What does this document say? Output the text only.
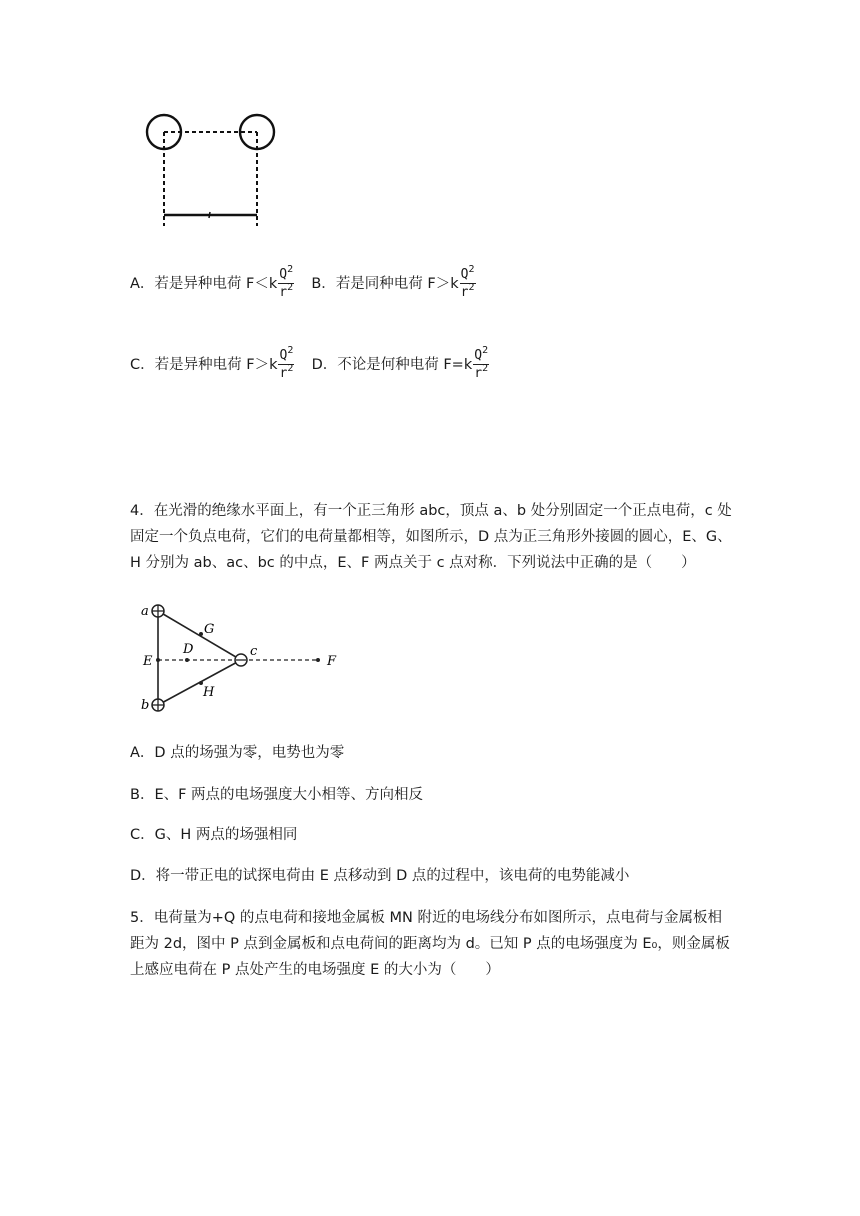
A．若是异种电荷 $F<k \frac{Q^2}{r^2}$ B．若是同种电荷 $F>k \frac{Q^2}{r^2}$
C．若是异种电荷 $F>k \frac{Q^2}{r^2}$ D．不论是何种电荷 $F=k \frac{Q^2}{r^2}$
4．在光滑的绝缘水平面上，有一个正三角形 abc，顶点 a、b 处分别固定一个正点电荷，c 处固定一个负点电荷，它们的电荷量都相等，如图所示，D 点为正三角形外接圆的圆心，E、G、H 分别为 ab、ac、bc 的中点，E、F 两点关于 c 点对称．下列说法中正确的是（　　）
a
b
c
D
E	F
G
H
A．D 点的场强为零，电势也为零
B．E、F 两点的电场强度大小相等、方向相反
C．G、H 两点的场强相同
D．将一带正电的试探电荷由 E 点移动到 D 点的过程中，该电荷的电势能减小
5．电荷量为+Q 的点电荷和接地金属板 MN 附近的电场线分布如图所示，点电荷与金属板相距为 2d，图中 P 点到金属板和点电荷间的距离均为 d。已知 P 点的电场强度为 E₀，则金属板上感应电荷在 P 点处产生的电场强度 E 的大小为（　　）
